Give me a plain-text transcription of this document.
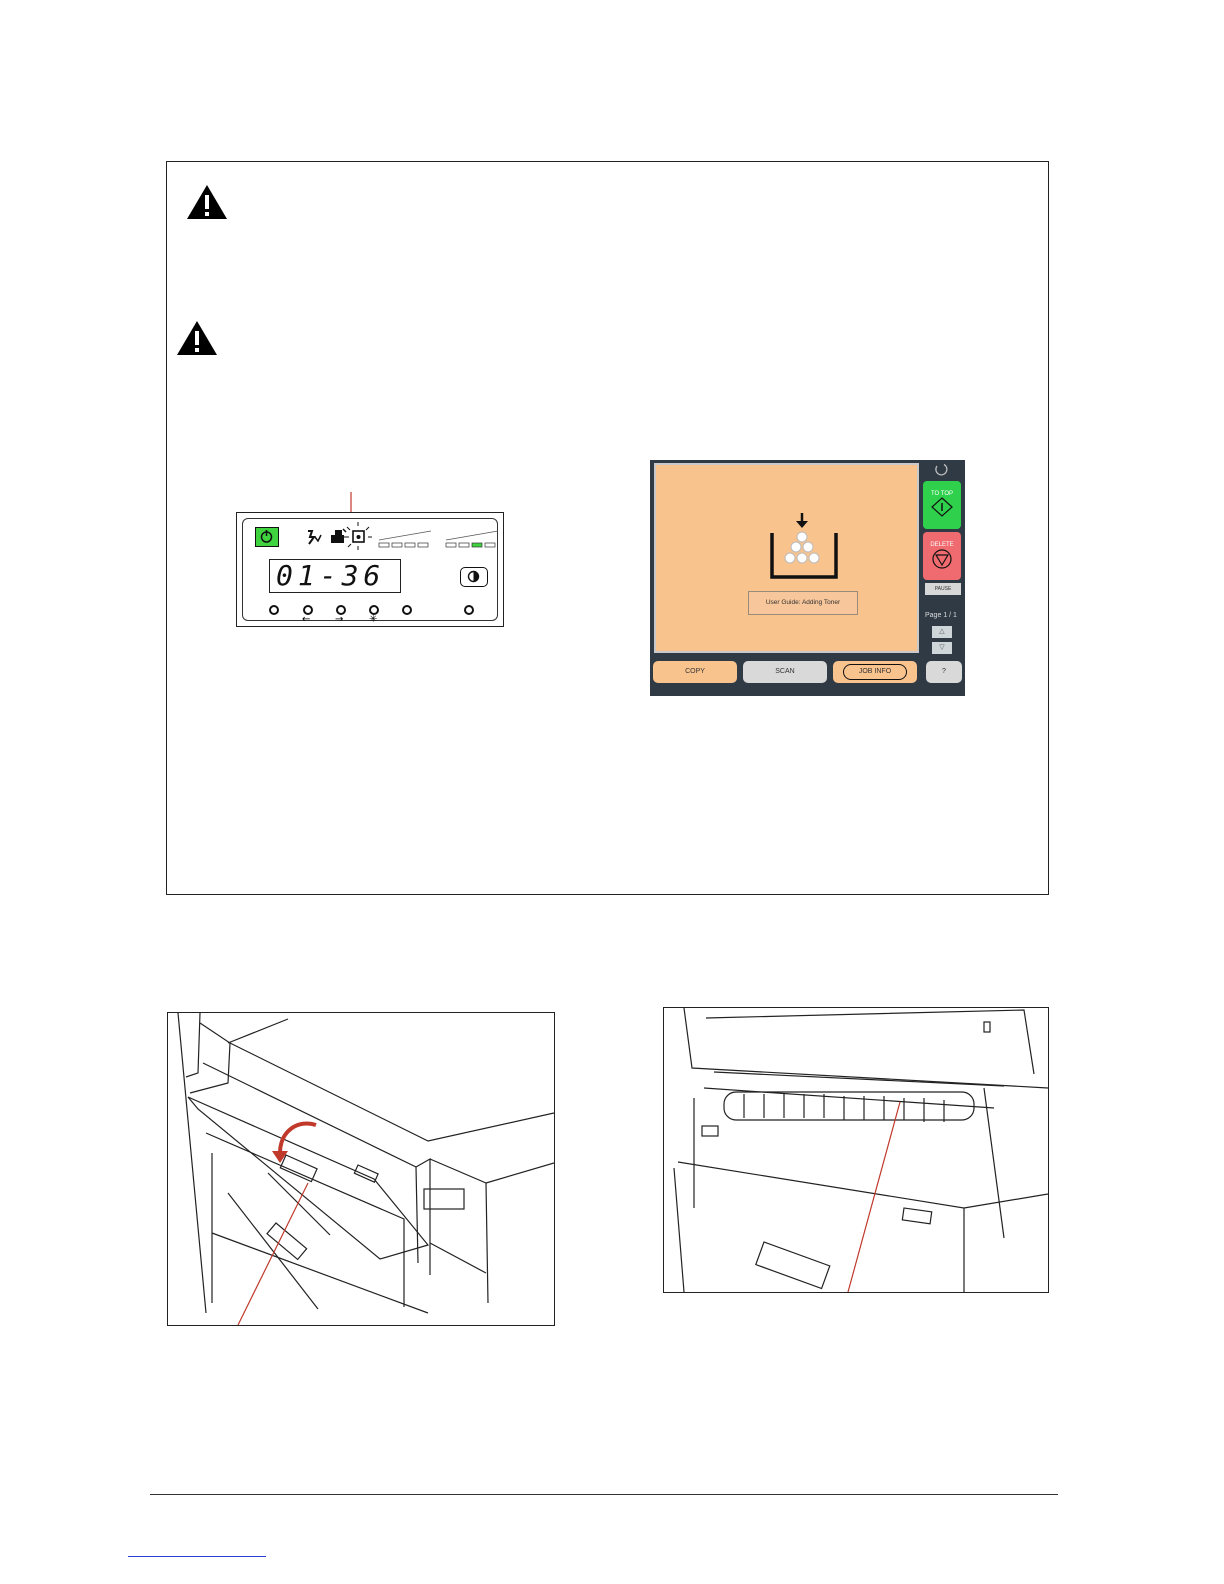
01-36
← →	✳
User Guide: Adding Toner
TO TOP
DELETE
PAUSE
Page 1 / 1
△
▽
COPY	SCAN	JOB INFO	?
